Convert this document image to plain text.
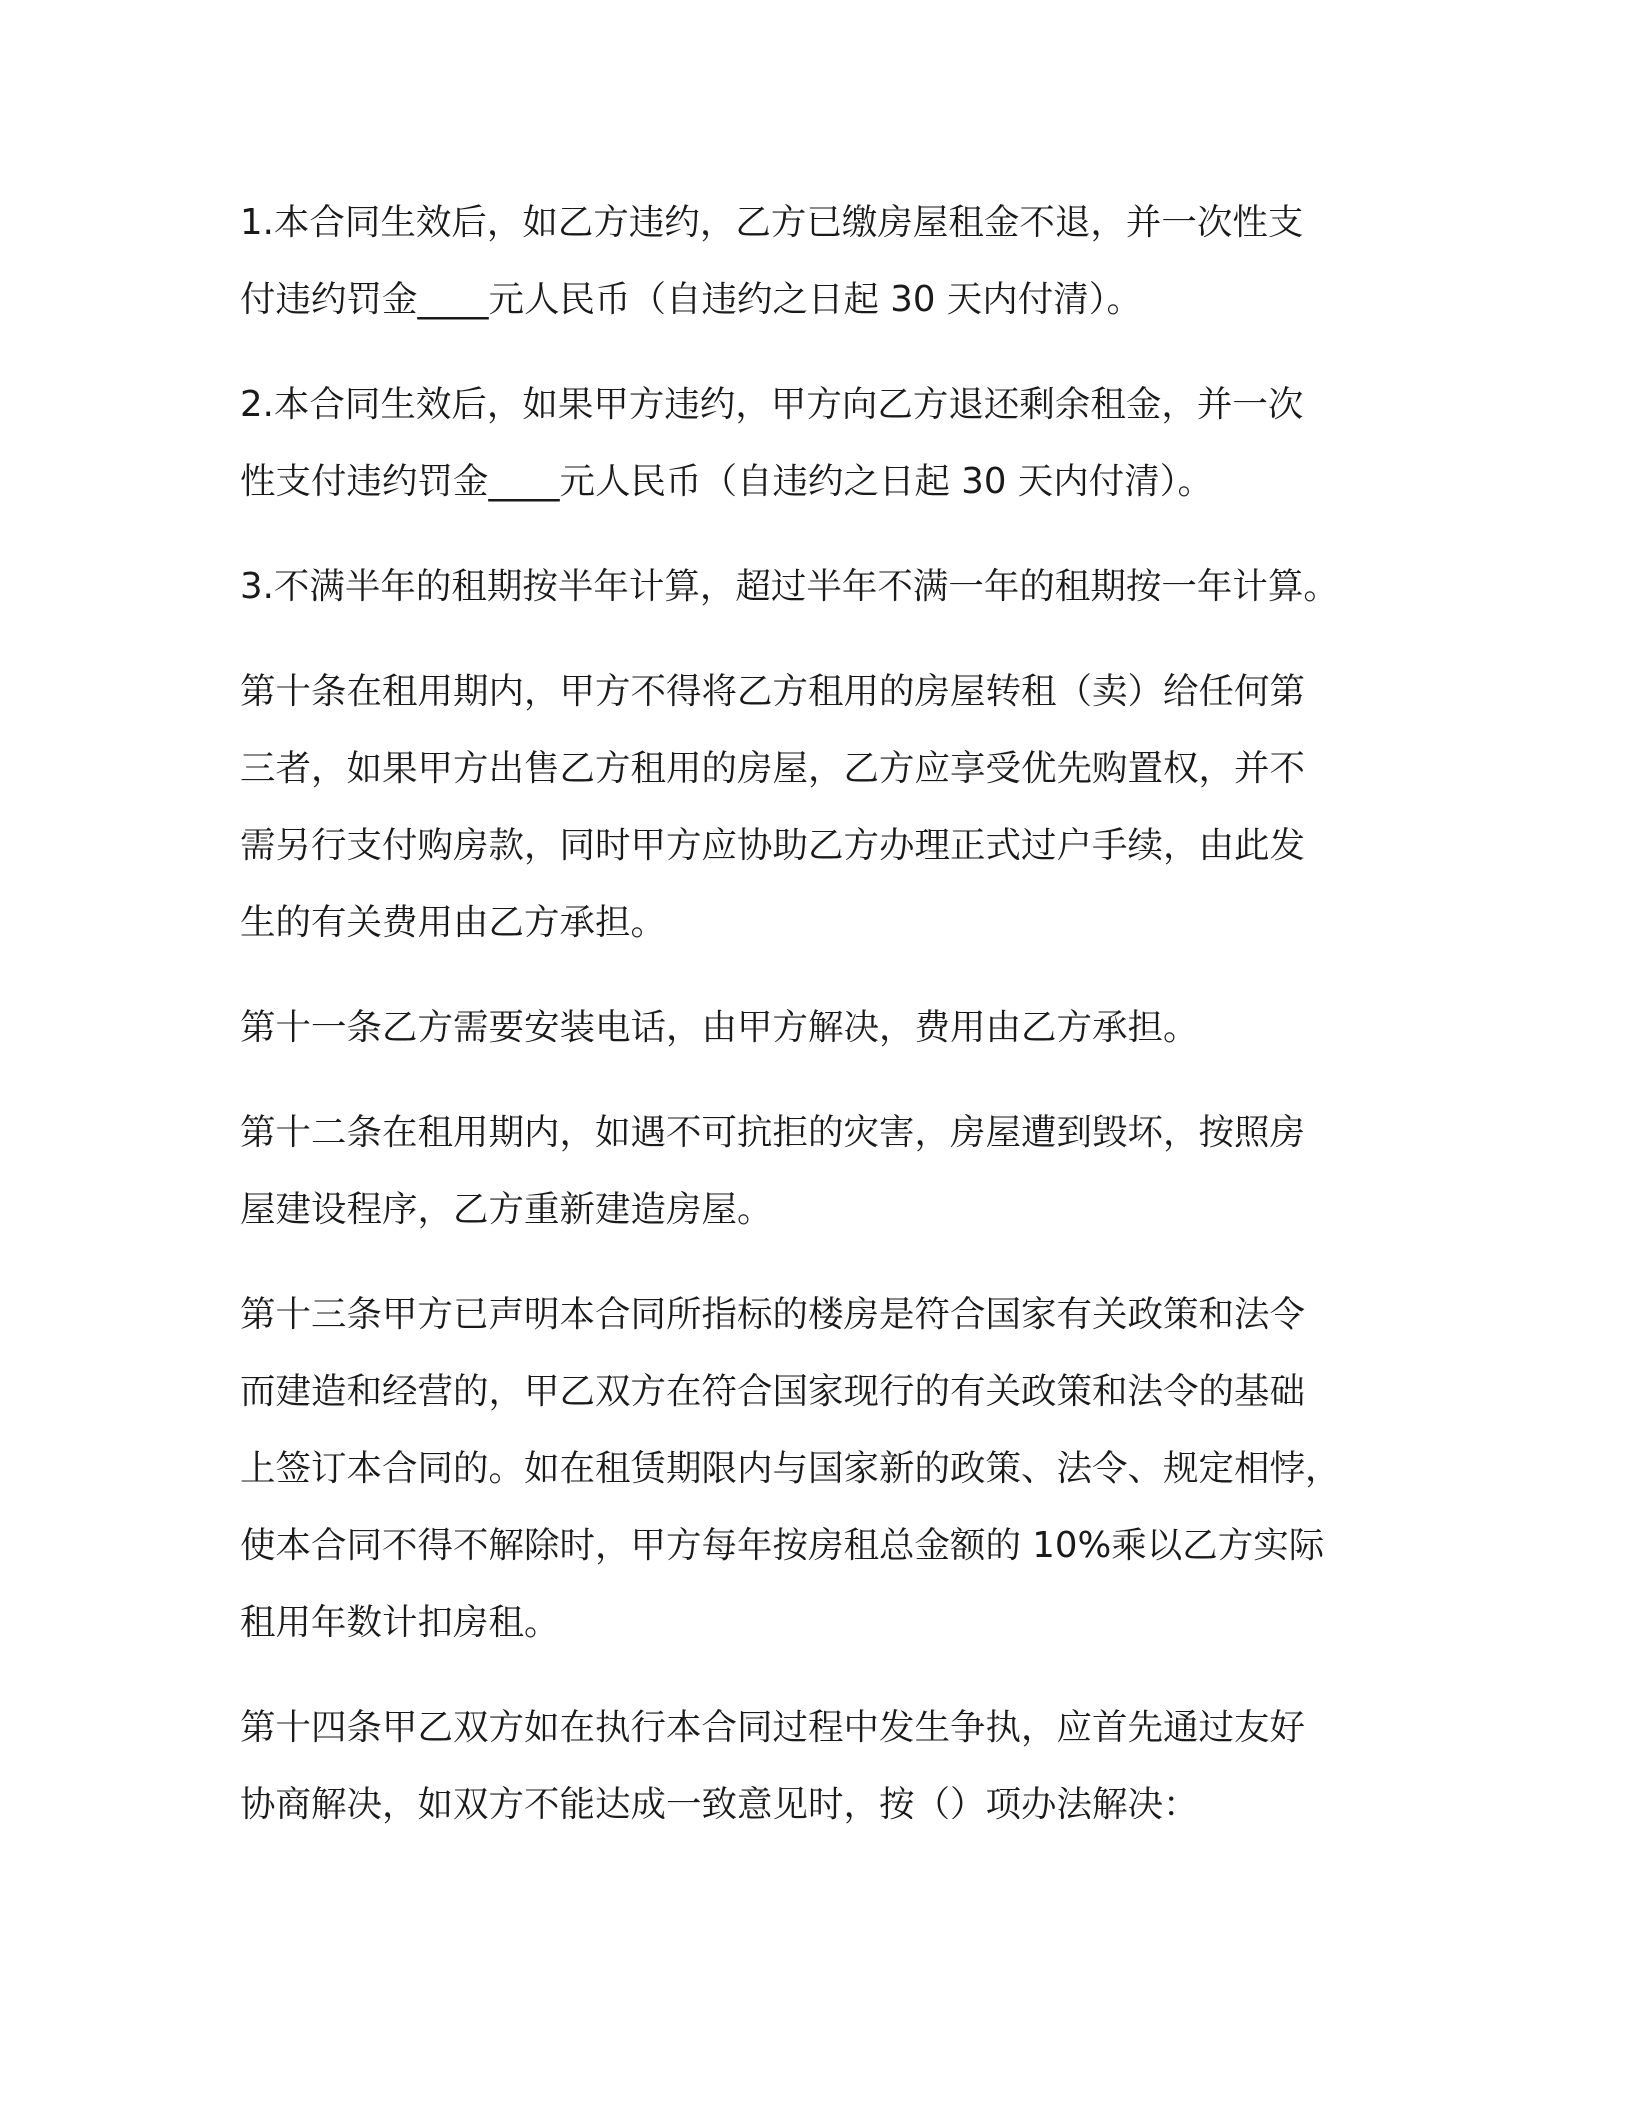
1.本合同生效后，如乙方违约，乙方已缴房屋租金不退，并一次性支
付违约罚金____元人民币（自违约之日起 30 天内付清）。

2.本合同生效后，如果甲方违约，甲方向乙方退还剩余租金，并一次
性支付违约罚金____元人民币（自违约之日起 30 天内付清）。

3.不满半年的租期按半年计算，超过半年不满一年的租期按一年计算。

第十条在租用期内，甲方不得将乙方租用的房屋转租（卖）给任何第
三者，如果甲方出售乙方租用的房屋，乙方应享受优先购置权，并不
需另行支付购房款，同时甲方应协助乙方办理正式过户手续，由此发
生的有关费用由乙方承担。

第十一条乙方需要安装电话，由甲方解决，费用由乙方承担。

第十二条在租用期内，如遇不可抗拒的灾害，房屋遭到毁坏，按照房
屋建设程序，乙方重新建造房屋。

第十三条甲方已声明本合同所指标的楼房是符合国家有关政策和法令
而建造和经营的，甲乙双方在符合国家现行的有关政策和法令的基础
上签订本合同的。如在租赁期限内与国家新的政策、法令、规定相悖，
使本合同不得不解除时，甲方每年按房租总金额的 10%乘以乙方实际
租用年数计扣房租。

第十四条甲乙双方如在执行本合同过程中发生争执，应首先通过友好
协商解决，如双方不能达成一致意见时，按（）项办法解决：
